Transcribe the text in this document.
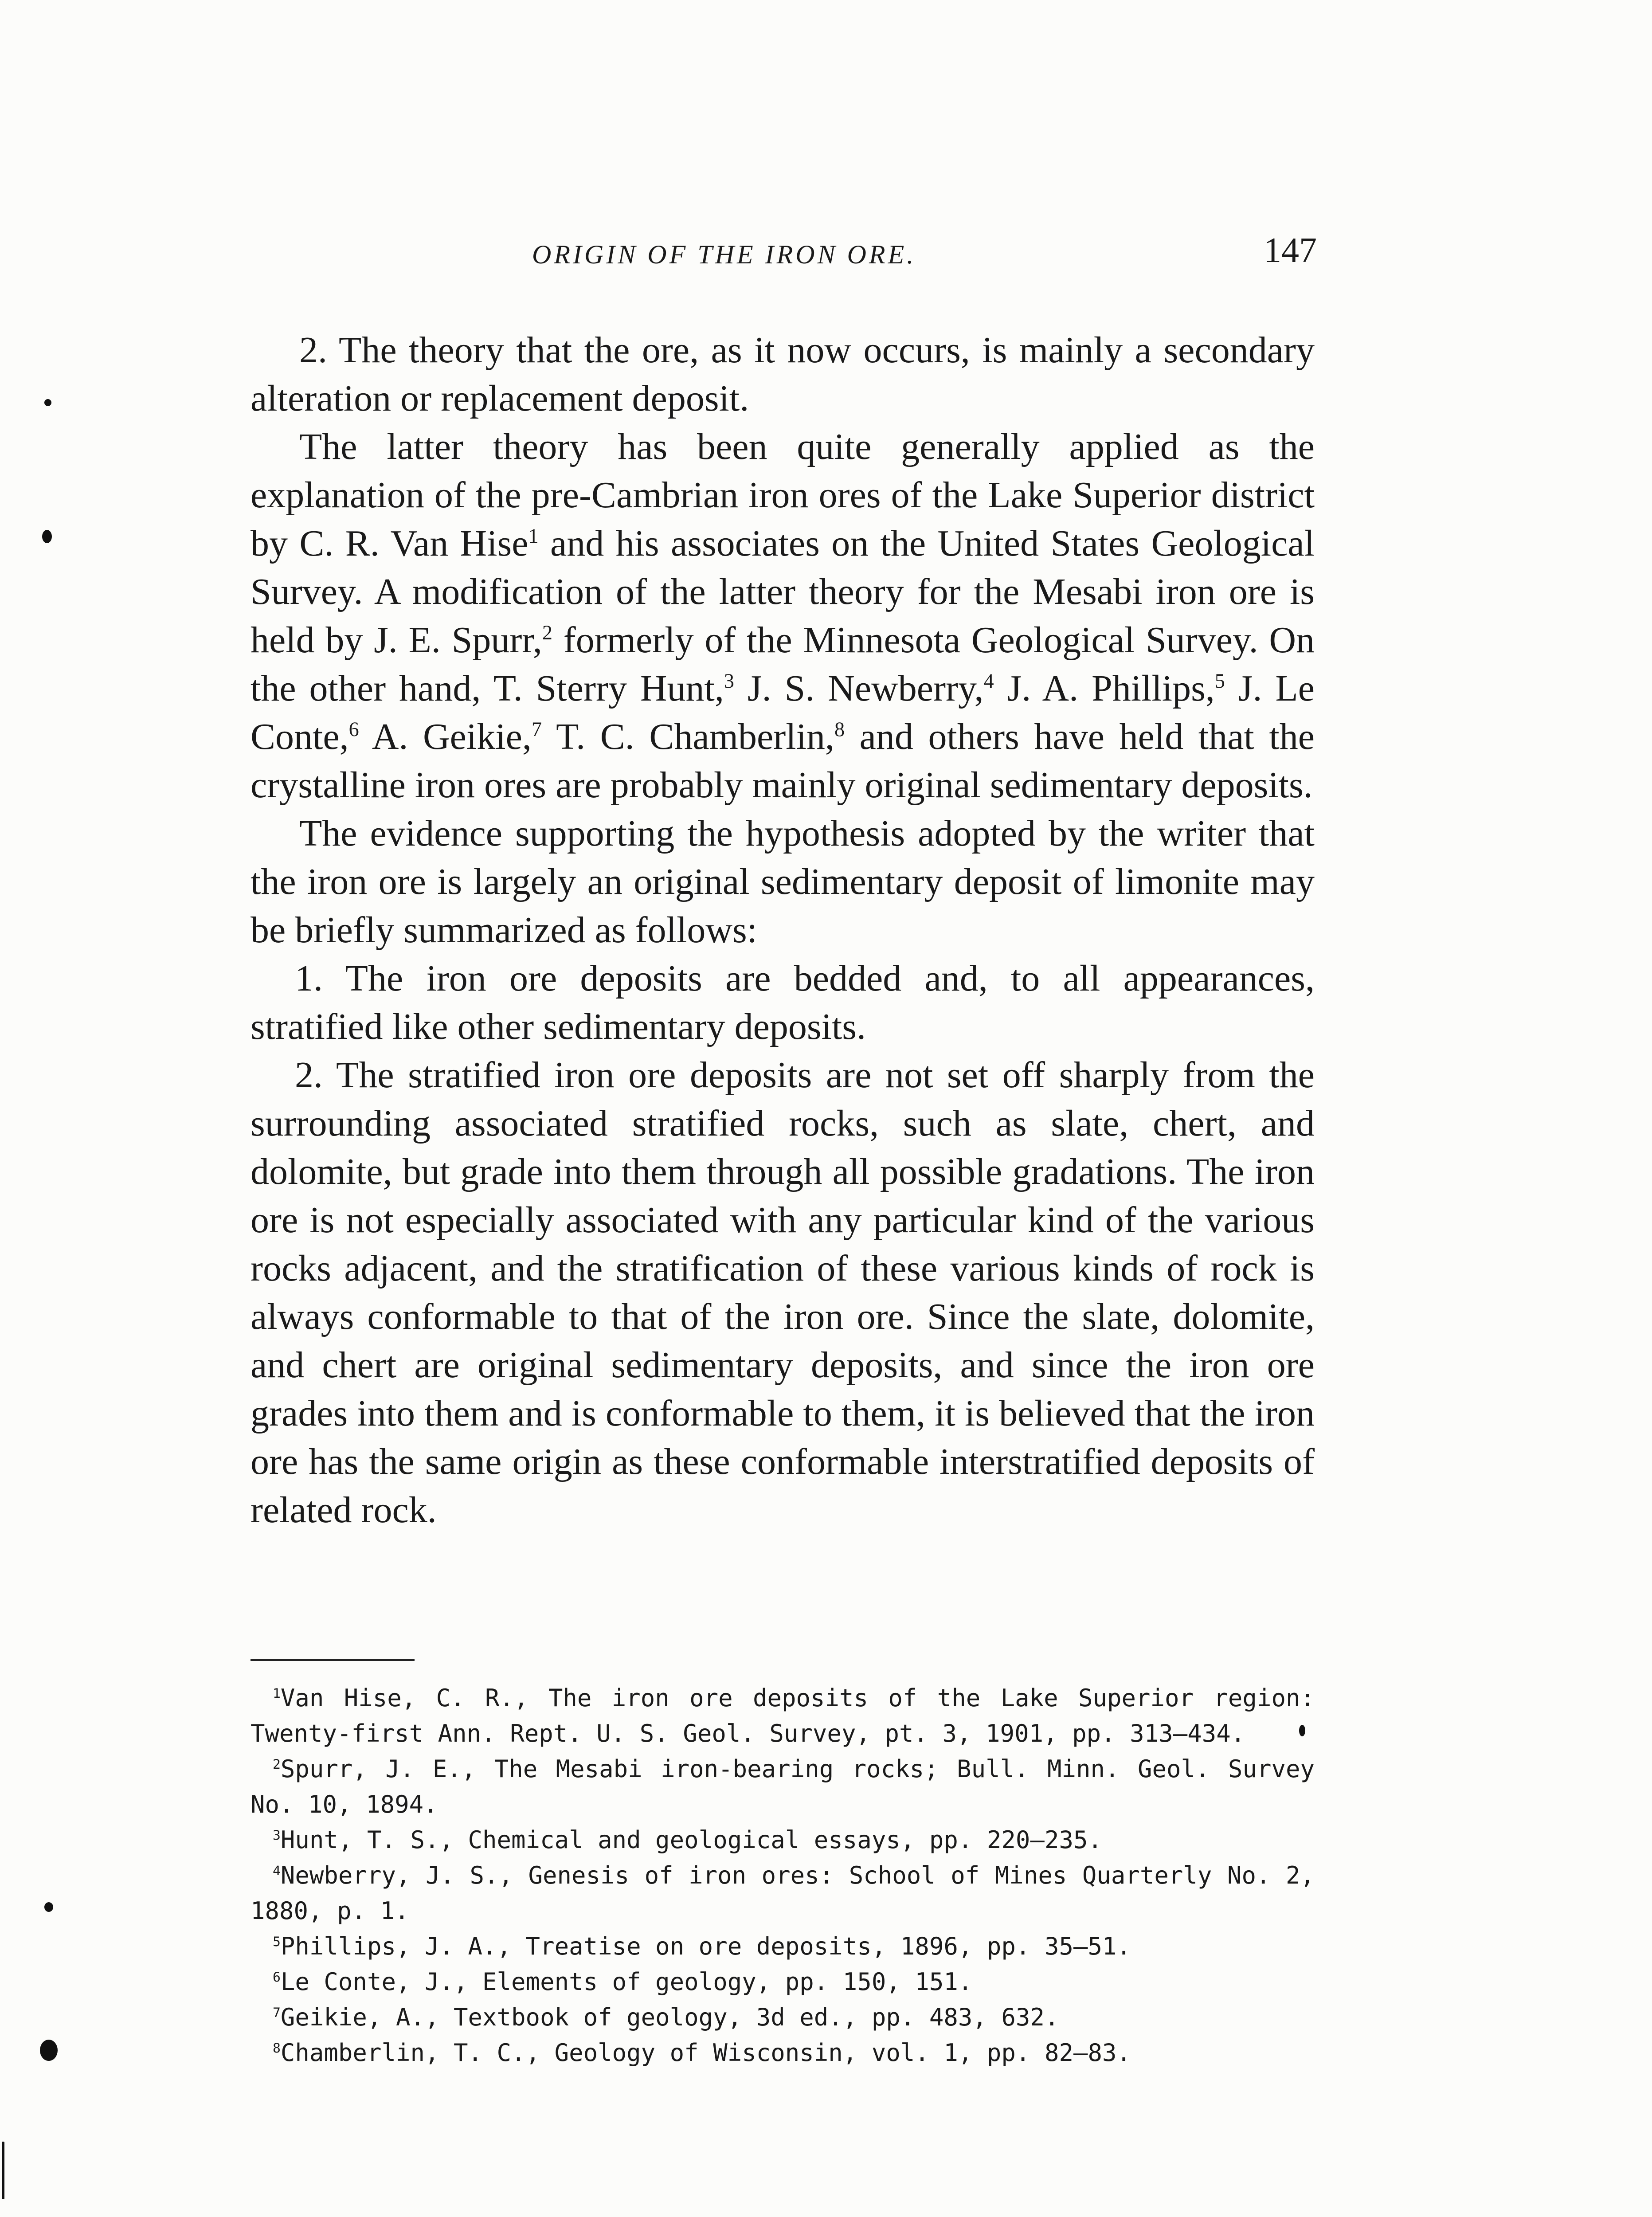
ORIGIN OF THE IRON ORE.	147

2. The theory that the ore, as it now occurs, is mainly a secondary alteration or replacement deposit.

The latter theory has been quite generally applied as the explanation of the pre-Cambrian iron ores of the Lake Superior district by C. R. Van Hise$^1$ and his associates on the United States Geological Survey. A modification of the latter theory for the Mesabi iron ore is held by J. E. Spurr,$^2$ formerly of the Minnesota Geological Survey. On the other hand, T. Sterry Hunt,$^3$ J. S. Newberry,$^4$ J. A. Phillips,$^5$ J. Le Conte,$^6$ A. Geikie,$^7$ T. C. Chamberlin,$^8$ and others have held that the crystalline iron ores are probably mainly original sedimentary deposits.

The evidence supporting the hypothesis adopted by the writer that the iron ore is largely an original sedimentary deposit of limonite may be briefly summarized as follows:

1. The iron ore deposits are bedded and, to all appearances, stratified like other sedimentary deposits.

2. The stratified iron ore deposits are not set off sharply from the surrounding associated stratified rocks, such as slate, chert, and dolomite, but grade into them through all possible gradations. The iron ore is not especially associated with any particular kind of the various rocks adjacent, and the stratification of these various kinds of rock is always conformable to that of the iron ore. Since the slate, dolomite, and chert are original sedimentary deposits, and since the iron ore grades into them and is conformable to them, it is believed that the iron ore has the same origin as these conformable interstratified deposits of related rock.

$^1$Van Hise, C. R., The iron ore deposits of the Lake Superior region: Twenty-first Ann. Rept. U. S. Geol. Survey, pt. 3, 1901, pp. 313–434.

$^2$Spurr, J. E., The Mesabi iron-bearing rocks; Bull. Minn. Geol. Survey No. 10, 1894.

$^3$Hunt, T. S., Chemical and geological essays, pp. 220–235.

$^4$Newberry, J. S., Genesis of iron ores: School of Mines Quarterly No. 2, 1880, p. 1.

$^5$Phillips, J. A., Treatise on ore deposits, 1896, pp. 35–51.

$^6$Le Conte, J., Elements of geology, pp. 150, 151.

$^7$Geikie, A., Textbook of geology, 3d ed., pp. 483, 632.

$^8$Chamberlin, T. C., Geology of Wisconsin, vol. 1, pp. 82–83.
